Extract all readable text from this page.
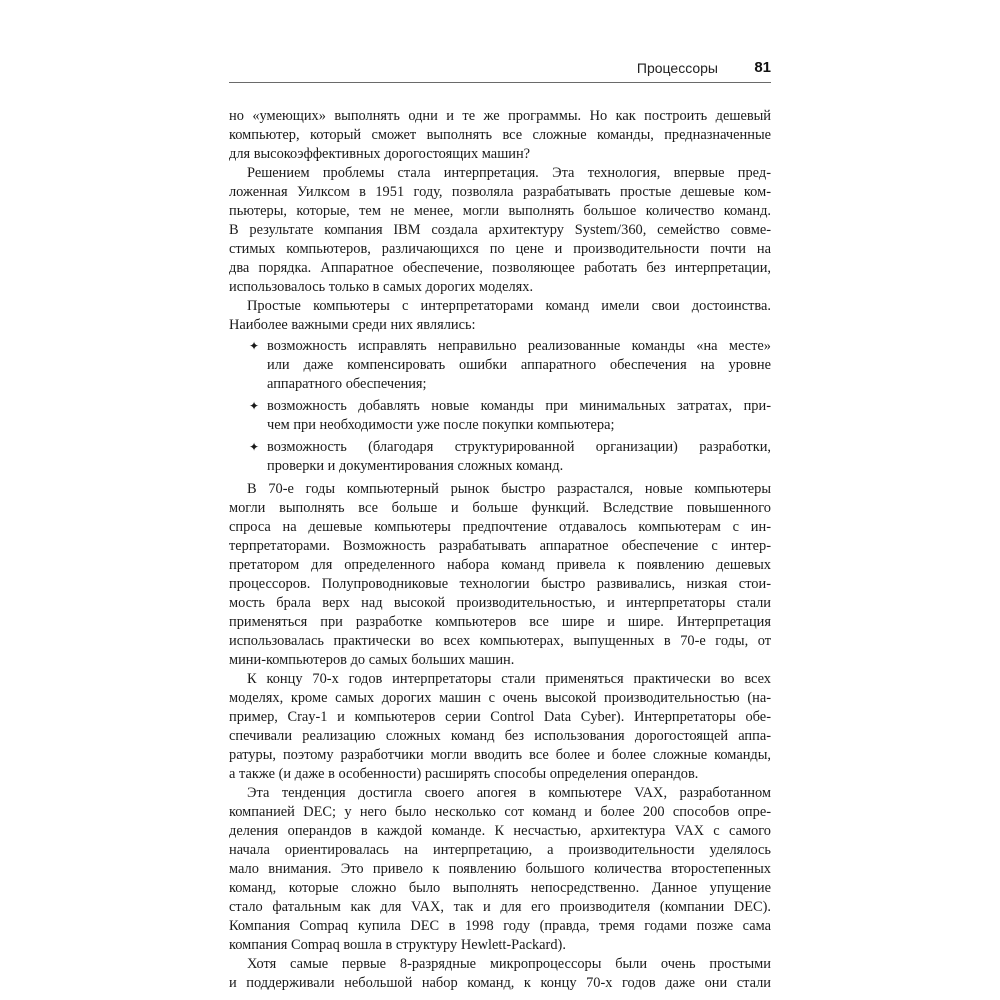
Процессоры 81
но «умеющих» выполнять одни и те же программы. Но как построить дешевый
компьютер, который сможет выполнять все сложные команды, предназначенные
для высокоэффективных дорогостоящих машин?
Решением проблемы стала интерпретация. Эта технология, впервые пред-
ложенная Уилксом в 1951 году, позволяла разрабатывать простые дешевые ком-
пьютеры, которые, тем не менее, могли выполнять большое количество команд.
В результате компания IBM создала архитектуру System/360, семейство совме-
стимых компьютеров, различающихся по цене и производительности почти на
два порядка. Аппаратное обеспечение, позволяющее работать без интерпретации,
использовалось только в самых дорогих моделях.
Простые компьютеры с интерпретаторами команд имели свои достоинства.
Наиболее важными среди них являлись:
✦ возможность исправлять неправильно реализованные команды «на месте»
или даже компенсировать ошибки аппаратного обеспечения на уровне
аппаратного обеспечения;
✦ возможность добавлять новые команды при минимальных затратах, при-
чем при необходимости уже после покупки компьютера;
✦ возможность (благодаря структурированной организации) разработки,
проверки и документирования сложных команд.
В 70-е годы компьютерный рынок быстро разрастался, новые компьютеры
могли выполнять все больше и больше функций. Вследствие повышенного
спроса на дешевые компьютеры предпочтение отдавалось компьютерам с ин-
терпретаторами. Возможность разрабатывать аппаратное обеспечение с интер-
претатором для определенного набора команд привела к появлению дешевых
процессоров. Полупроводниковые технологии быстро развивались, низкая стои-
мость брала верх над высокой производительностью, и интерпретаторы стали
применяться при разработке компьютеров все шире и шире. Интерпретация
использовалась практически во всех компьютерах, выпущенных в 70-е годы, от
мини-компьютеров до самых больших машин.
К концу 70-х годов интерпретаторы стали применяться практически во всех
моделях, кроме самых дорогих машин с очень высокой производительностью (на-
пример, Cray-1 и компьютеров серии Control Data Cyber). Интерпретаторы обе-
спечивали реализацию сложных команд без использования дорогостоящей аппа-
ратуры, поэтому разработчики могли вводить все более и более сложные команды,
а также (и даже в особенности) расширять способы определения операндов.
Эта тенденция достигла своего апогея в компьютере VAX, разработанном
компанией DEC; у него было несколько сот команд и более 200 способов опре-
деления операндов в каждой команде. К несчастью, архитектура VAX с самого
начала ориентировалась на интерпретацию, а производительности уделялось
мало внимания. Это привело к появлению большого количества второстепенных
команд, которые сложно было выполнять непосредственно. Данное упущение
стало фатальным как для VAX, так и для его производителя (компании DEC).
Компания Compaq купила DEC в 1998 году (правда, тремя годами позже сама
компания Compaq вошла в структуру Hewlett-Packard).
Хотя самые первые 8-разрядные микропроцессоры были очень простыми
и поддерживали небольшой набор команд, к концу 70-х годов даже они стали
